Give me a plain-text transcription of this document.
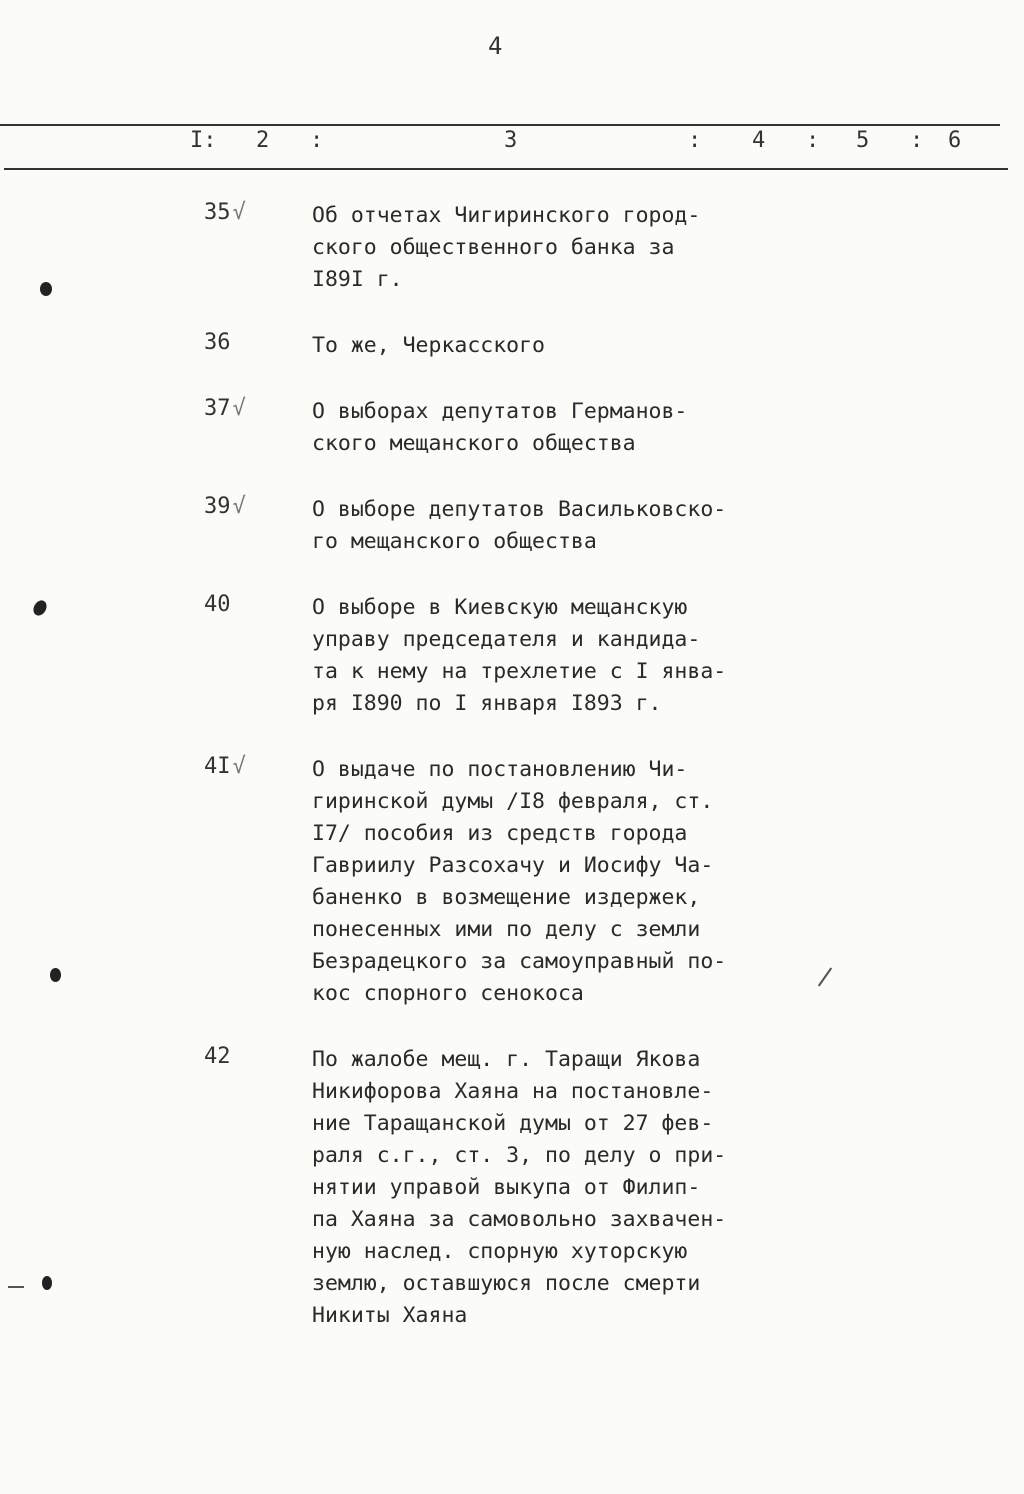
4
I: 2 :	3	: 4 : 5 : 6
35√	Об отчетах Чигиринского город-
ского общественного банка за
I89I г.
36	То же, Черкасского
37√	О выборах депутатов Германов-
ского мещанского общества
39√	О выборе депутатов Васильковско-
го мещанского общества
40	О выборе в Киевскую мещанскую
управу председателя и кандида-
та к нему на трехлетие с I янва-
ря I890 по I января I893 г.
4I√	О выдаче по постановлению Чи-
гиринской думы /I8 февраля, ст.
I7/ пособия из средств города
Гавриилу Разсохачу и Иосифу Ча-
баненко в возмещение издержек,
понесенных ими по делу с земли
Безрадецкого за самоуправный по-
кос спорного сенокоса
42	По жалобе мещ. г. Таращи Якова
Никифорова Хаяна на постановле-
ние Таращанской думы от 27 фев-
раля с.г., ст. 3, по делу о при-
нятии управой выкупа от Филип-
па Хаяна за самовольно захвачен-
ную наслед. спорную хуторскую
землю, оставшуюся после смерти
Никиты Хаяна
